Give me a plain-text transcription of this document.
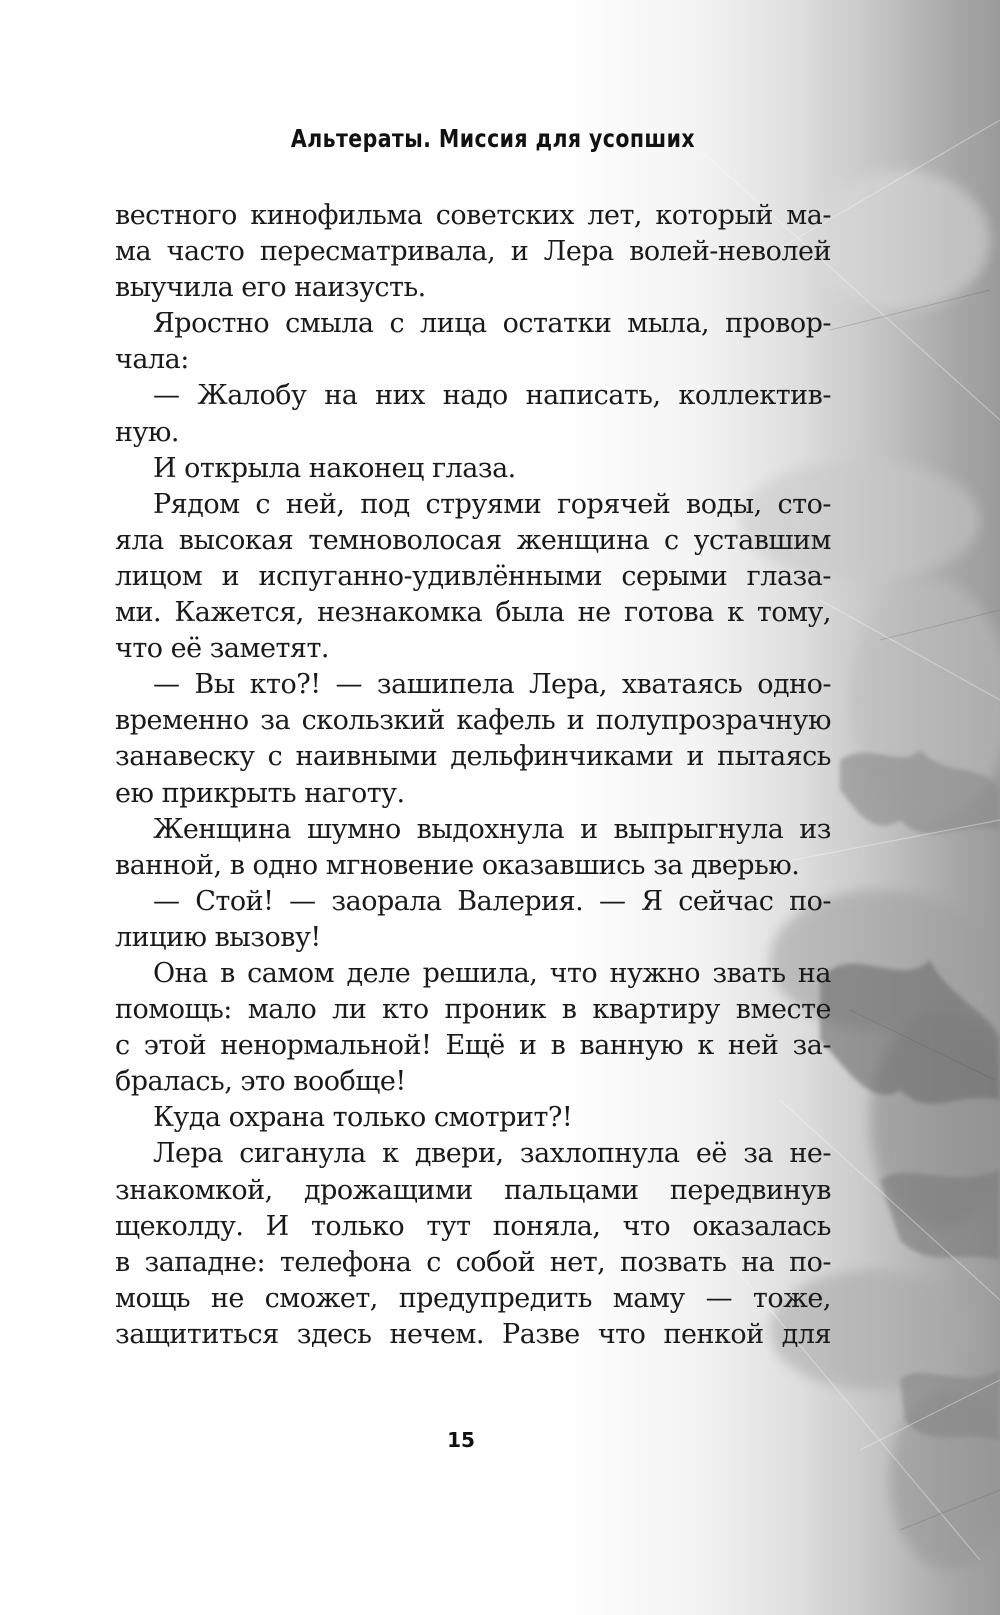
Альтераты. Миссия для усопших
вестного кинофильма советских лет, который ма-
ма часто пересматривала, и Лера волей-неволей
выучила его наизусть.
Яростно смыла с лица остатки мыла, провор-
чала:
— Жалобу на них надо написать, коллектив-
ную.
И открыла наконец глаза.
Рядом с ней, под струями горячей воды, сто-
яла высокая темноволосая женщина с уставшим
лицом и испуганно-удивлёнными серыми глаза-
ми. Кажется, незнакомка была не готова к тому,
что её заметят.
— Вы кто?! — зашипела Лера, хватаясь одно-
временно за скользкий кафель и полупрозрачную
занавеску с наивными дельфинчиками и пытаясь
ею прикрыть наготу.
Женщина шумно выдохнула и выпрыгнула из
ванной, в одно мгновение оказавшись за дверью.
— Стой! — заорала Валерия. — Я сейчас по-
лицию вызову!
Она в самом деле решила, что нужно звать на
помощь: мало ли кто проник в квартиру вместе
с этой ненормальной! Ещё и в ванную к ней за-
бралась, это вообще!
Куда охрана только смотрит?!
Лера сиганула к двери, захлопнула её за не-
знакомкой, дрожащими пальцами передвинув
щеколду. И только тут поняла, что оказалась
в западне: телефона с собой нет, позвать на по-
мощь не сможет, предупредить маму — тоже,
защититься здесь нечем. Разве что пенкой для
15
